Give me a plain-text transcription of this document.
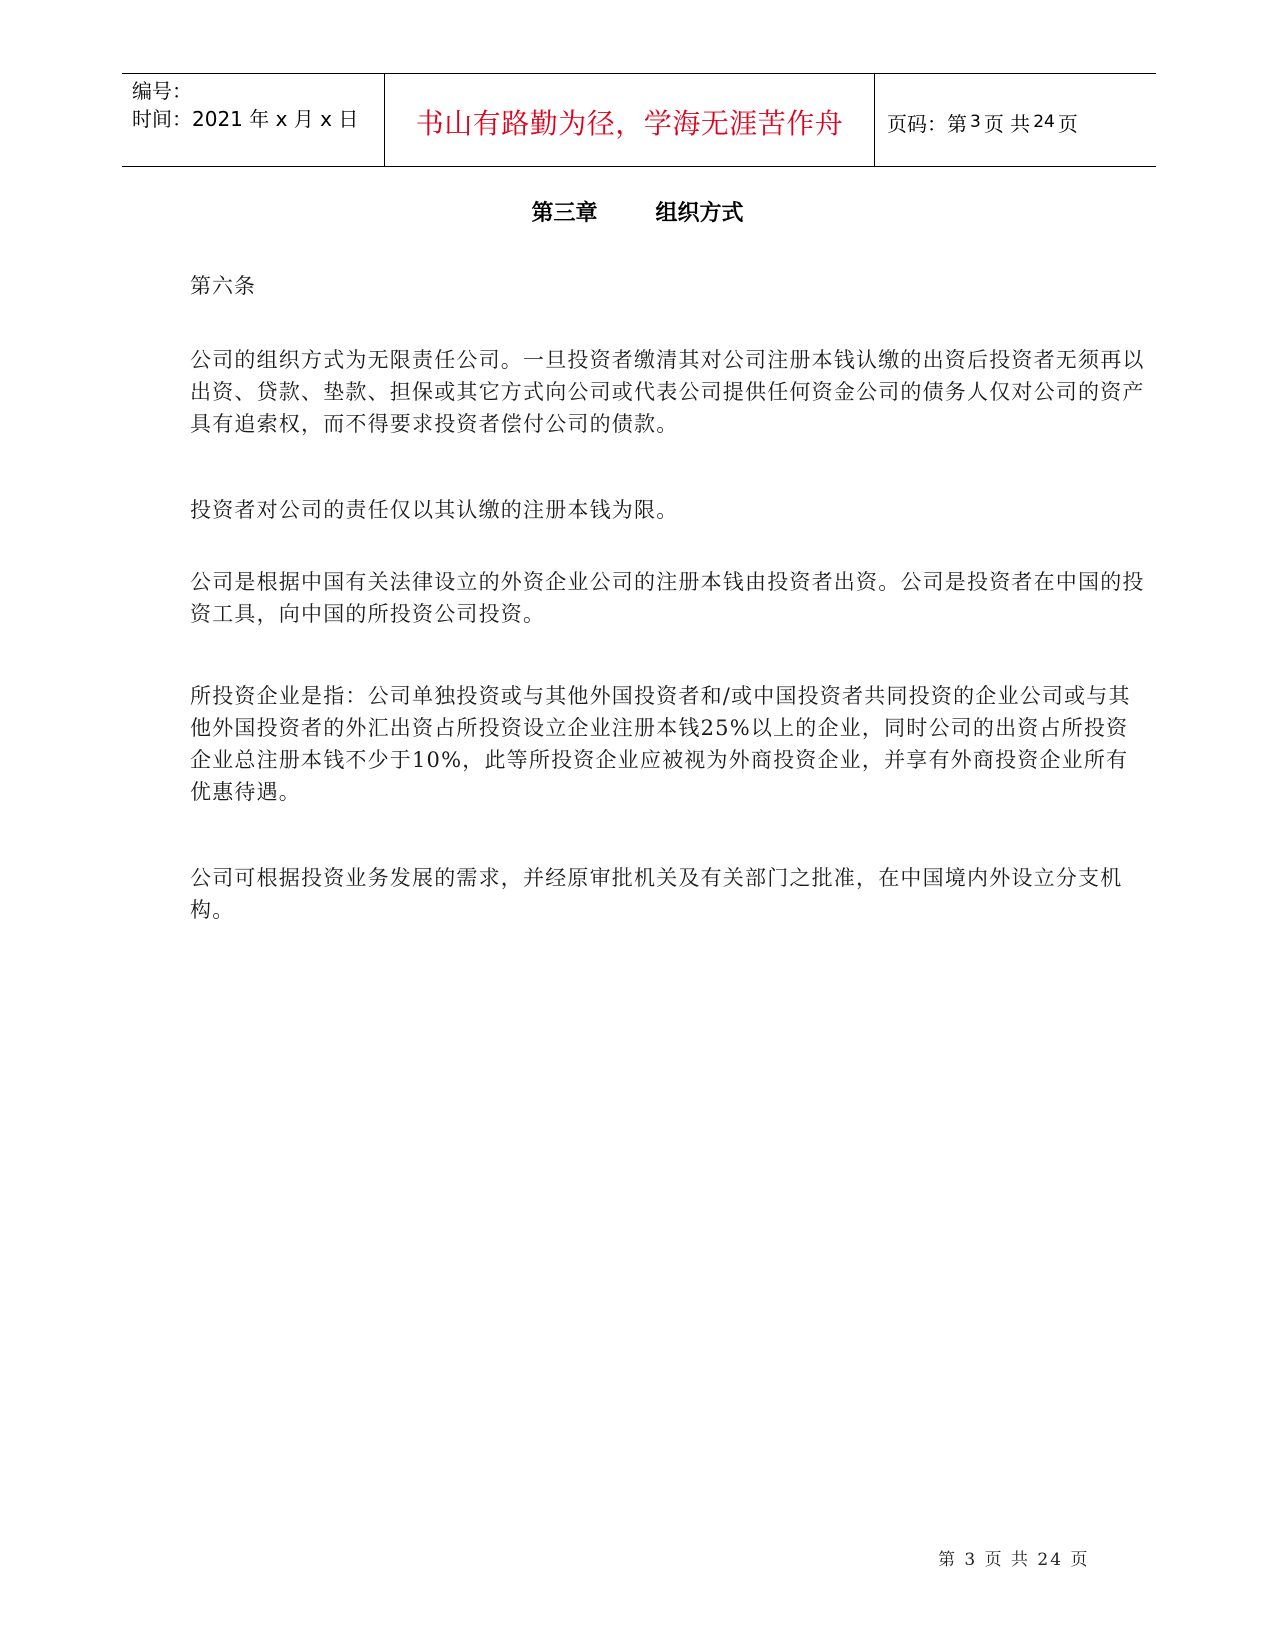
编号：
时间：2021 年 x 月 x 日	书山有路勤为径，学海无涯苦作舟 页码：第 3 页 共 24 页
第三章	组织方式
第六条

公司的组织方式为无限责任公司。一旦投资者缴清其对公司注册本钱认缴的出资后投资者无须再以出资、贷款、垫款、担保或其它方式向公司或代表公司提供任何资金公司的债务人仅对公司的资产具有追索权，而不得要求投资者偿付公司的债款。

投资者对公司的责任仅以其认缴的注册本钱为限。

公司是根据中国有关法律设立的外资企业公司的注册本钱由投资者出资。公司是投资者在中国的投资工具，向中国的所投资公司投资。

所投资企业是指：公司单独投资或与其他外国投资者和/或中国投资者共同投资的企业公司或与其他外国投资者的外汇出资占所投资设立企业注册本钱25%以上的企业，同时公司的出资占所投资企业总注册本钱不少于10%，此等所投资企业应被视为外商投资企业，并享有外商投资企业所有优惠待遇。

公司可根据投资业务发展的需求，并经原审批机关及有关部门之批准，在中国境内外设立分支机构。

第 3 页 共 24 页
